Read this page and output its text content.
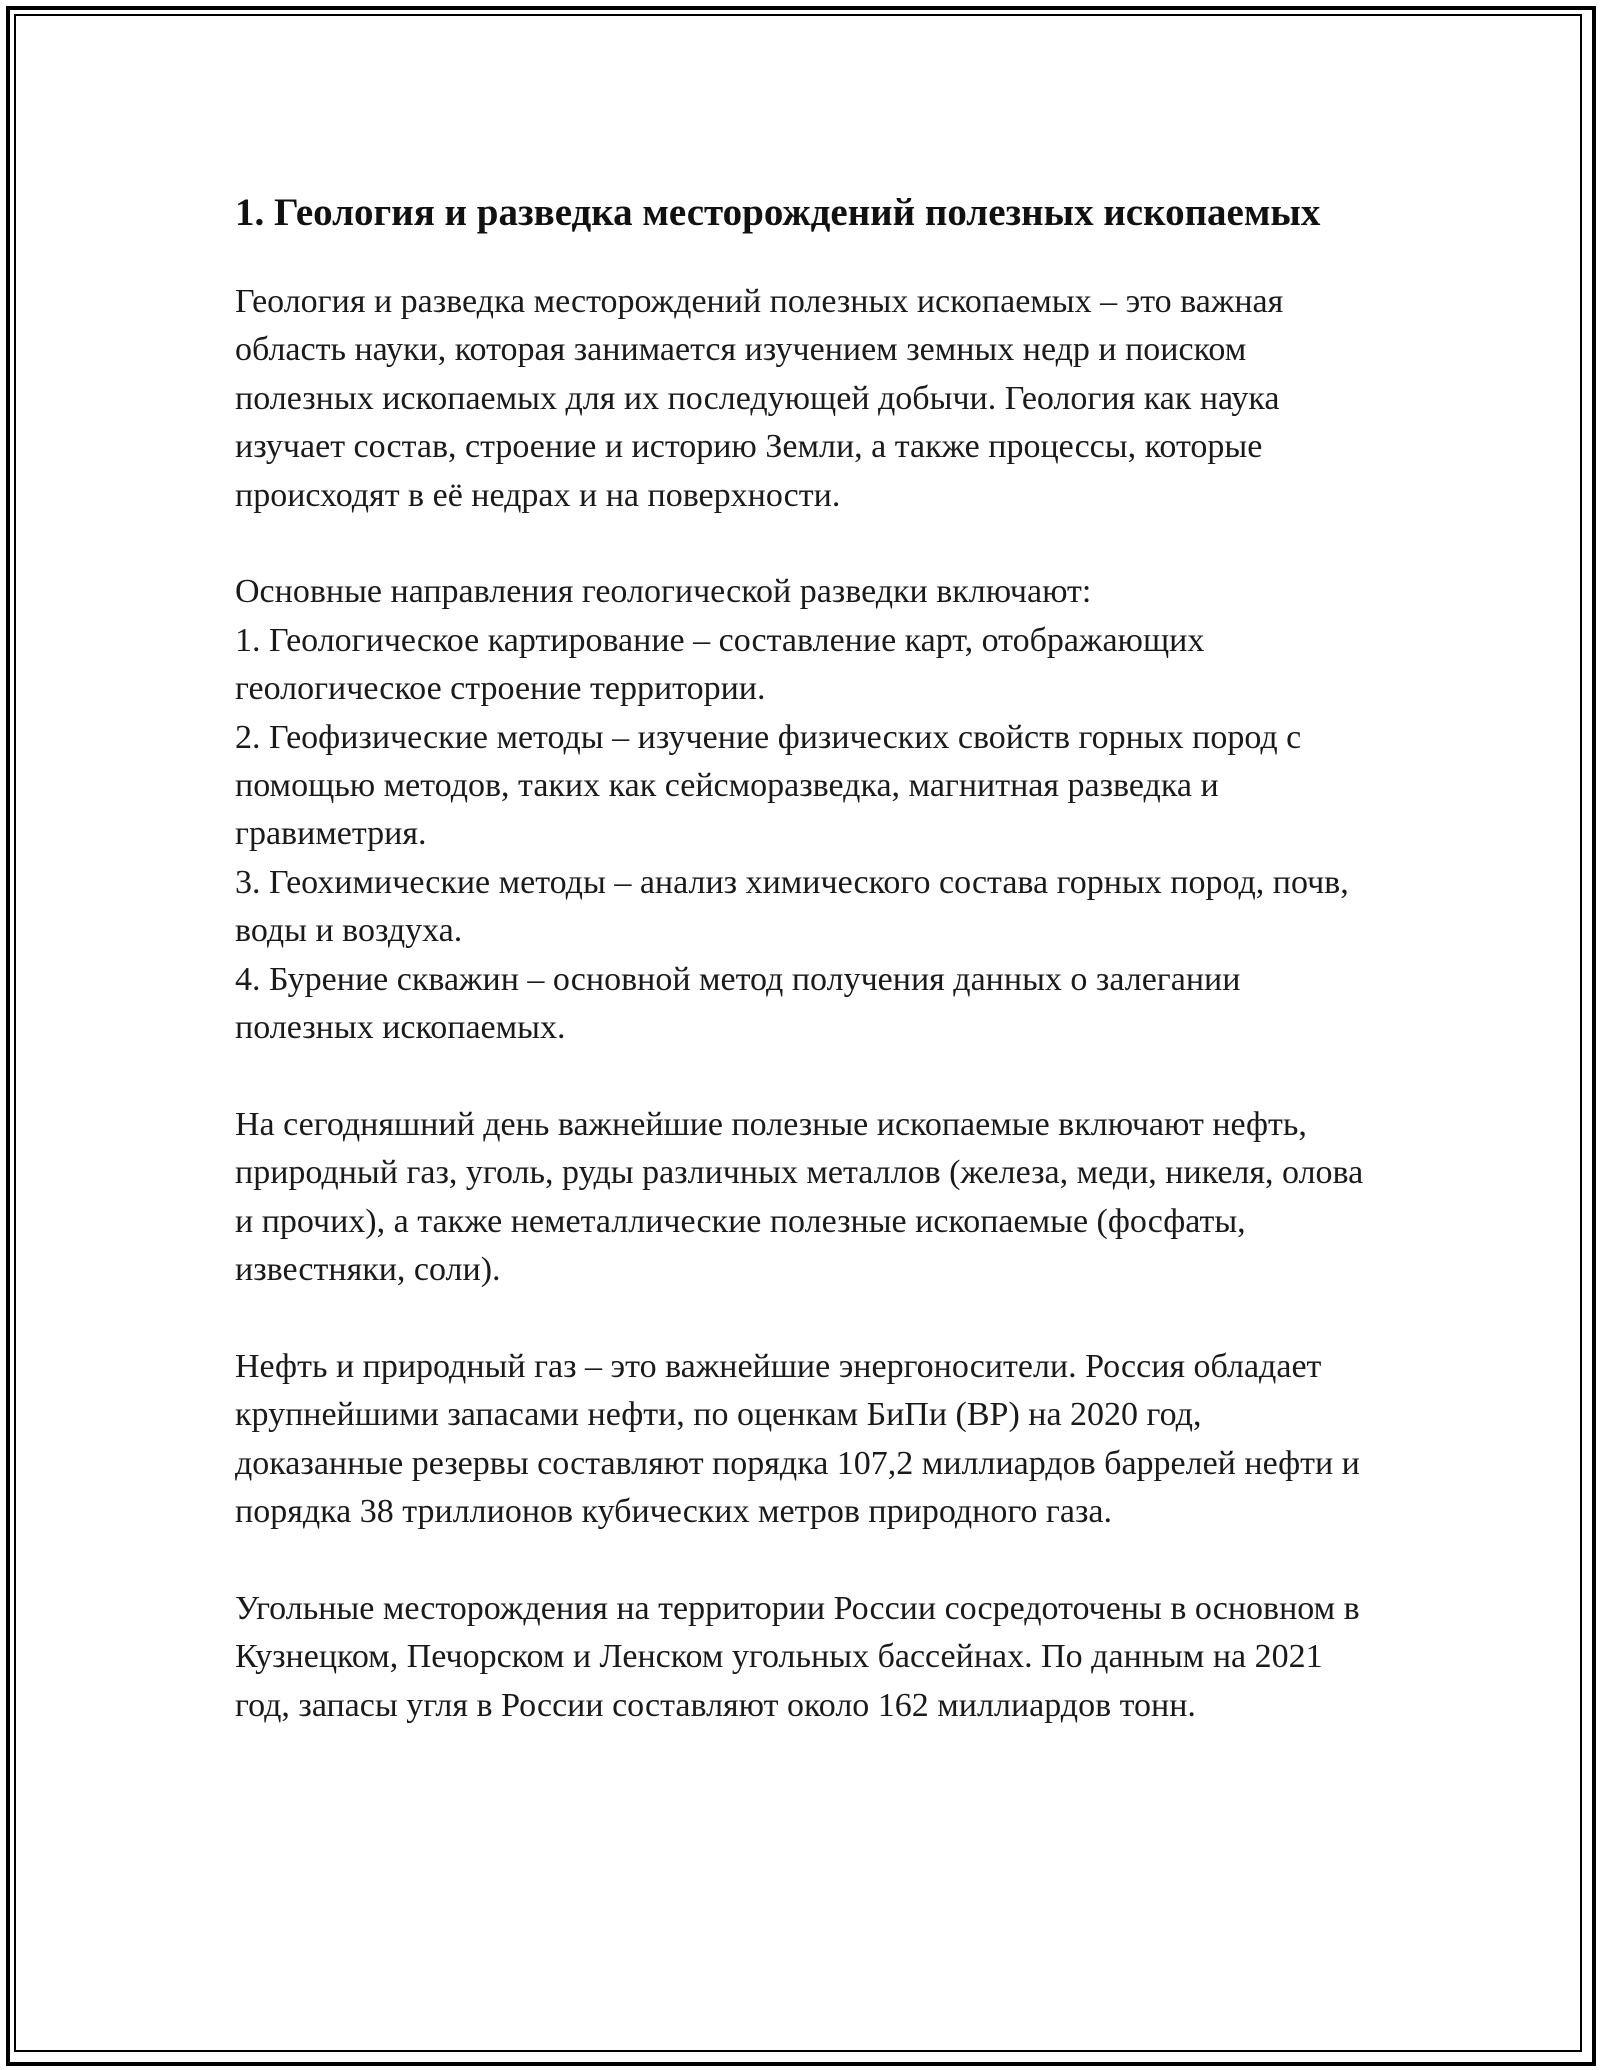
1. Геология и разведка месторождений полезных ископаемых

Геология и разведка месторождений полезных ископаемых – это важная область науки, которая занимается изучением земных недр и поиском полезных ископаемых для их последующей добычи. Геология как наука изучает состав, строение и историю Земли, а также процессы, которые происходят в её недрах и на поверхности.

Основные направления геологической разведки включают:
1. Геологическое картирование – составление карт, отображающих геологическое строение территории.
2. Геофизические методы – изучение физических свойств горных пород с помощью методов, таких как сейсморазведка, магнитная разведка и гравиметрия.
3. Геохимические методы – анализ химического состава горных пород, почв, воды и воздуха.
4. Бурение скважин – основной метод получения данных о залегании полезных ископаемых.

На сегодняшний день важнейшие полезные ископаемые включают нефть, природный газ, уголь, руды различных металлов (железа, меди, никеля, олова и прочих), а также неметаллические полезные ископаемые (фосфаты, известняки, соли).

Нефть и природный газ – это важнейшие энергоносители. Россия обладает крупнейшими запасами нефти, по оценкам БиПи (BP) на 2020 год, доказанные резервы составляют порядка 107,2 миллиардов баррелей нефти и порядка 38 триллионов кубических метров природного газа.

Угольные месторождения на территории России сосредоточены в основном в Кузнецком, Печорском и Ленском угольных бассейнах. По данным на 2021 год, запасы угля в России составляют около 162 миллиардов тонн.
